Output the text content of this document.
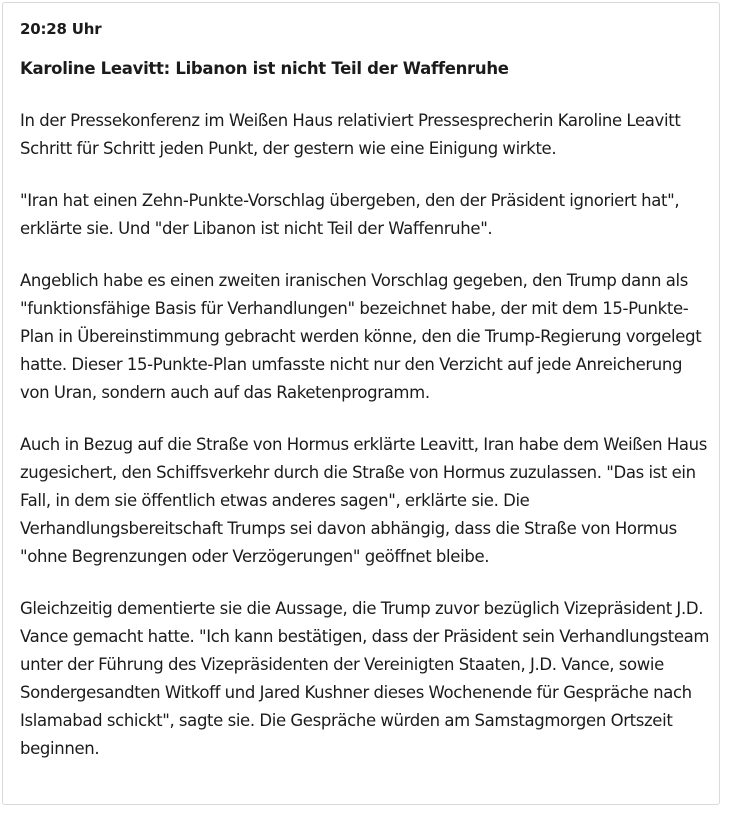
20:28 Uhr

Karoline Leavitt: Libanon ist nicht Teil der Waffenruhe

In der Pressekonferenz im Weißen Haus relativiert Pressesprecherin Karoline Leavitt Schritt für Schritt jeden Punkt, der gestern wie eine Einigung wirkte.

"Iran hat einen Zehn-Punkte-Vorschlag übergeben, den der Präsident ignoriert hat", erklärte sie. Und "der Libanon ist nicht Teil der Waffenruhe".

Angeblich habe es einen zweiten iranischen Vorschlag gegeben, den Trump dann als "funktionsfähige Basis für Verhandlungen" bezeichnet habe, der mit dem 15-Punkte-Plan in Übereinstimmung gebracht werden könne, den die Trump-Regierung vorgelegt hatte. Dieser 15-Punkte-Plan umfasste nicht nur den Verzicht auf jede Anreicherung von Uran, sondern auch auf das Raketenprogramm.

Auch in Bezug auf die Straße von Hormus erklärte Leavitt, Iran habe dem Weißen Haus zugesichert, den Schiffsverkehr durch die Straße von Hormus zuzulassen. "Das ist ein Fall, in dem sie öffentlich etwas anderes sagen", erklärte sie. Die Verhandlungsbereitschaft Trumps sei davon abhängig, dass die Straße von Hormus "ohne Begrenzungen oder Verzögerungen" geöffnet bleibe.

Gleichzeitig dementierte sie die Aussage, die Trump zuvor bezüglich Vizepräsident J.D. Vance gemacht hatte. "Ich kann bestätigen, dass der Präsident sein Verhandlungsteam unter der Führung des Vizepräsidenten der Vereinigten Staaten, J.D. Vance, sowie Sondergesandten Witkoff und Jared Kushner dieses Wochenende für Gespräche nach Islamabad schickt", sagte sie. Die Gespräche würden am Samstagmorgen Ortszeit beginnen.
